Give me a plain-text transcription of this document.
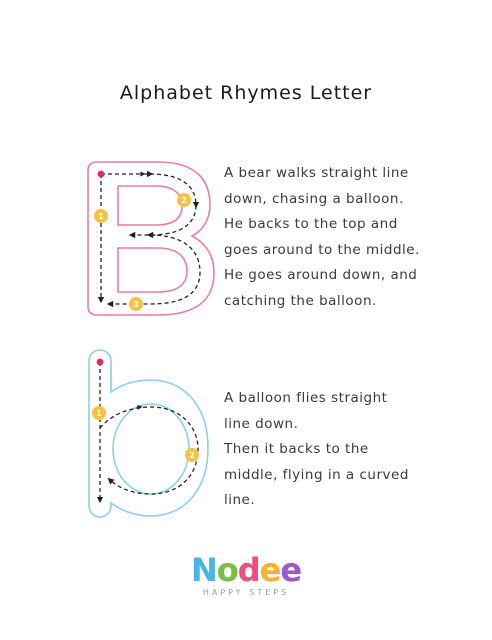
Alphabet Rhymes Letter
1
2
3
1
2
A bear walks straight line
down, chasing a balloon.
He backs to the top and
goes around to the middle.
He goes around down, and
catching the balloon.
A balloon flies straight
line down.
Then it backs to the
middle, flying in a curved
line.
Nodee
HAPPY STEPS
